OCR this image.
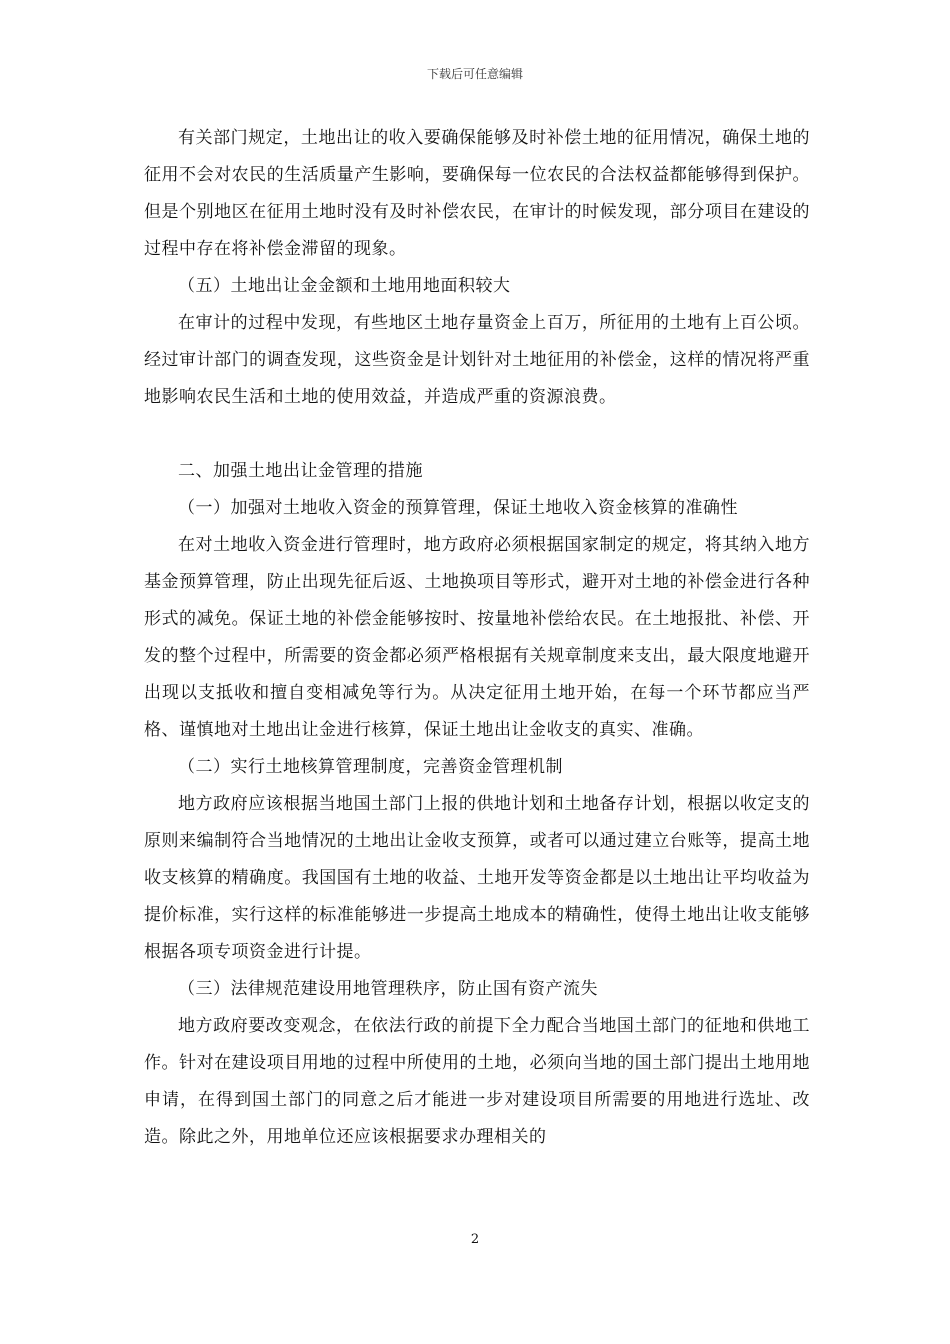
下载后可任意编辑

有关部门规定，土地出让的收入要确保能够及时补偿土地的征用情况，确保土地的征用不会对农民的生活质量产生影响，要确保每一位农民的合法权益都能够得到保护。但是个别地区在征用土地时没有及时补偿农民，在审计的时候发现，部分项目在建设的过程中存在将补偿金滞留的现象。

（五）土地出让金金额和土地用地面积较大

在审计的过程中发现，有些地区土地存量资金上百万，所征用的土地有上百公顷。经过审计部门的调查发现，这些资金是计划针对土地征用的补偿金，这样的情况将严重地影响农民生活和土地的使用效益，并造成严重的资源浪费。

二、加强土地出让金管理的措施

（一）加强对土地收入资金的预算管理，保证土地收入资金核算的准确性

在对土地收入资金进行管理时，地方政府必须根据国家制定的规定，将其纳入地方基金预算管理，防止出现先征后返、土地换项目等形式，避开对土地的补偿金进行各种形式的减免。保证土地的补偿金能够按时、按量地补偿给农民。在土地报批、补偿、开发的整个过程中，所需要的资金都必须严格根据有关规章制度来支出，最大限度地避开出现以支抵收和擅自变相减免等行为。从决定征用土地开始，在每一个环节都应当严格、谨慎地对土地出让金进行核算，保证土地出让金收支的真实、准确。

（二）实行土地核算管理制度，完善资金管理机制

地方政府应该根据当地国土部门上报的供地计划和土地备存计划，根据以收定支的原则来编制符合当地情况的土地出让金收支预算，或者可以通过建立台账等，提高土地收支核算的精确度。我国国有土地的收益、土地开发等资金都是以土地出让平均收益为提价标准，实行这样的标准能够进一步提高土地成本的精确性，使得土地出让收支能够根据各项专项资金进行计提。

（三）法律规范建设用地管理秩序，防止国有资产流失

地方政府要改变观念，在依法行政的前提下全力配合当地国土部门的征地和供地工作。针对在建设项目用地的过程中所使用的土地，必须向当地的国土部门提出土地用地申请，在得到国土部门的同意之后才能进一步对建设项目所需要的用地进行选址、改造。除此之外，用地单位还应该根据要求办理相关的

2
